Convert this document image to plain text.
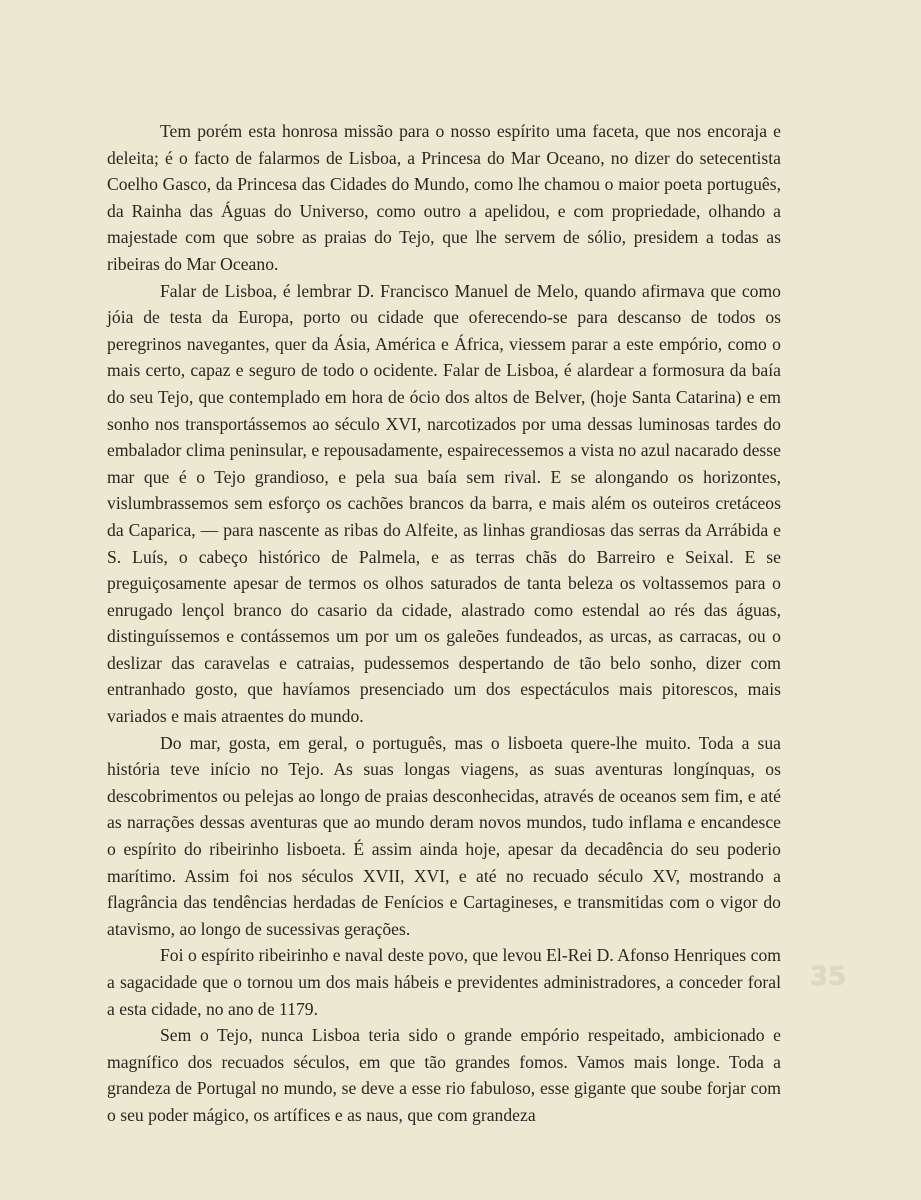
Tem porém esta honrosa missão para o nosso espírito uma faceta, que nos encoraja e deleita; é o facto de falarmos de Lisboa, a Princesa do Mar Oceano, no dizer do setecentista Coelho Gasco, da Princesa das Cidades do Mundo, como lhe chamou o maior poeta português, da Rainha das Águas do Universo, como outro a apelidou, e com propriedade, olhando a majestade com que sobre as praias do Tejo, que lhe servem de sólio, presidem a todas as ribeiras do Mar Oceano.

Falar de Lisboa, é lembrar D. Francisco Manuel de Melo, quando afirmava que como jóia de testa da Europa, porto ou cidade que oferecendo-se para descanso de todos os peregrinos navegantes, quer da Ásia, América e África, viessem parar a este empório, como o mais certo, capaz e seguro de todo o ocidente. Falar de Lisboa, é alardear a formosura da baía do seu Tejo, que contemplado em hora de ócio dos altos de Belver, (hoje Santa Catarina) e em sonho nos transportássemos ao século XVI, narcotizados por uma dessas luminosas tardes do embalador clima peninsular, e repousadamente, espairecessemos a vista no azul nacarado desse mar que é o Tejo grandioso, e pela sua baía sem rival. E se alongando os horizontes, vislumbrassemos sem esforço os cachões brancos da barra, e mais além os outeiros cretáceos da Caparica, — para nascente as ribas do Alfeite, as linhas grandiosas das serras da Arrábida e S. Luís, o cabeço histórico de Palmela, e as terras chãs do Barreiro e Seixal. E se preguiçosamente apesar de termos os olhos saturados de tanta beleza os voltassemos para o enrugado lençol branco do casario da cidade, alastrado como estendal ao rés das águas, distinguíssemos e contássemos um por um os galeões fundeados, as urcas, as carracas, ou o deslizar das caravelas e catraias, pudessemos despertando de tão belo sonho, dizer com entranhado gosto, que havíamos presenciado um dos espectáculos mais pitorescos, mais variados e mais atraentes do mundo.

Do mar, gosta, em geral, o português, mas o lisboeta quere-lhe muito. Toda a sua história teve início no Tejo. As suas longas viagens, as suas aventuras longínquas, os descobrimentos ou pelejas ao longo de praias desconhecidas, através de oceanos sem fim, e até as narrações dessas aventuras que ao mundo deram novos mundos, tudo inflama e encandesce o espírito do ribeirinho lisboeta. É assim ainda hoje, apesar da decadência do seu poderio marítimo. Assim foi nos séculos XVII, XVI, e até no recuado século XV, mostrando a flagrância das tendências herdadas de Fenícios e Cartagineses, e transmitidas com o vigor do atavismo, ao longo de sucessivas gerações.

Foi o espírito ribeirinho e naval deste povo, que levou El-Rei D. Afonso Henriques com a sagacidade que o tornou um dos mais hábeis e previdentes administradores, a conceder foral a esta cidade, no ano de 1179.

Sem o Tejo, nunca Lisboa teria sido o grande empório respeitado, ambicionado e magnífico dos recuados séculos, em que tão grandes fomos. Vamos mais longe. Toda a grandeza de Portugal no mundo, se deve a esse rio fabuloso, esse gigante que soube forjar com o seu poder mágico, os artífices e as naus, que com grandeza

35
